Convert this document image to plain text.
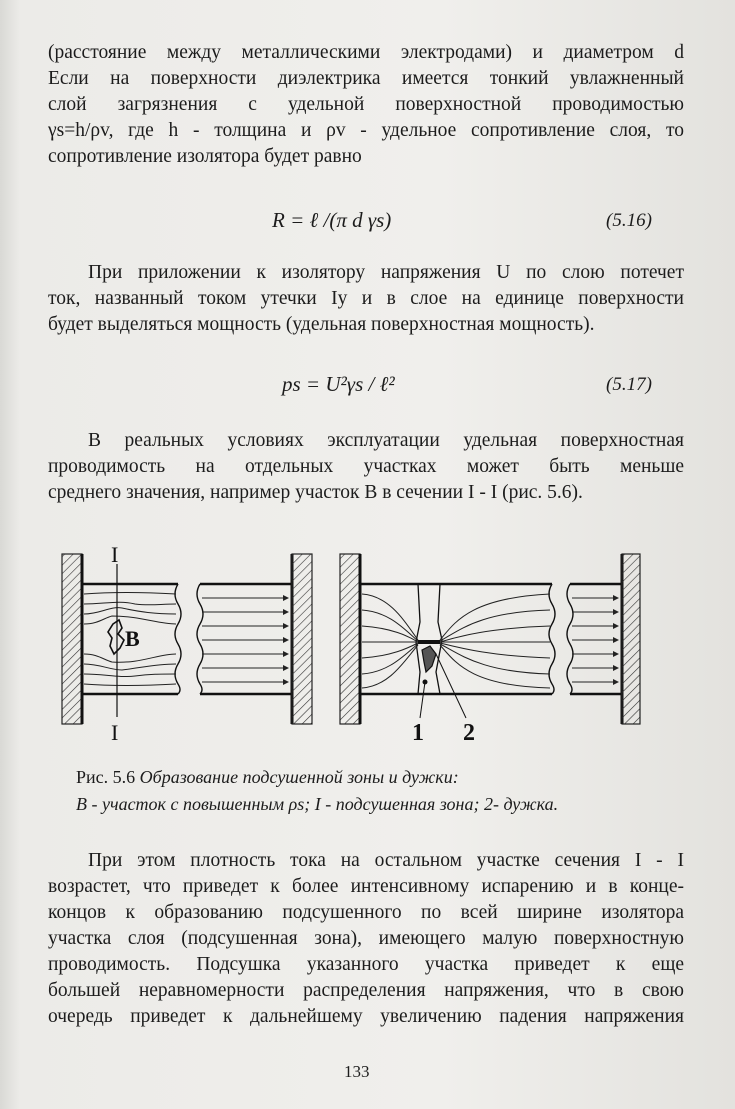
(расстояние между металлическими электродами) и диаметром d
Если на поверхности диэлектрика имеется тонкий увлажненный
слой загрязнения с удельной поверхностной проводимостью
γs=h/ρv, где h - толщина и ρv - удельное сопротивление слоя, то
сопротивление изолятора будет равно
R = ℓ /(π d γs)	(5.16)
При приложении к изолятору напряжения U по слою потечет
ток, названный током утечки Iy и в слое на единице поверхности
будет выделяться мощность (удельная поверхностная мощность).
ps = U²γs / ℓ²	(5.17)
В реальных условиях эксплуатации удельная поверхностная
проводимость на отдельных участках может быть меньше
среднего значения, например участок В в сечении I - I (рис. 5.6).
B
I
I	1 2
Рис. 5.6 Образование подсушенной зоны и дужки:
В - участок с повышенным ρs; I - подсушенная зона; 2- дужка.
При этом плотность тока на остальном участке сечения I - I
возрастет, что приведет к более интенсивному испарению и в конце-
концов к образованию подсушенного по всей ширине изолятора
участка слоя (подсушенная зона), имеющего малую поверхностную
проводимость. Подсушка указанного участка приведет к еще
большей неравномерности распределения напряжения, что в свою
очередь приведет к дальнейшему увеличению падения напряжения
133
